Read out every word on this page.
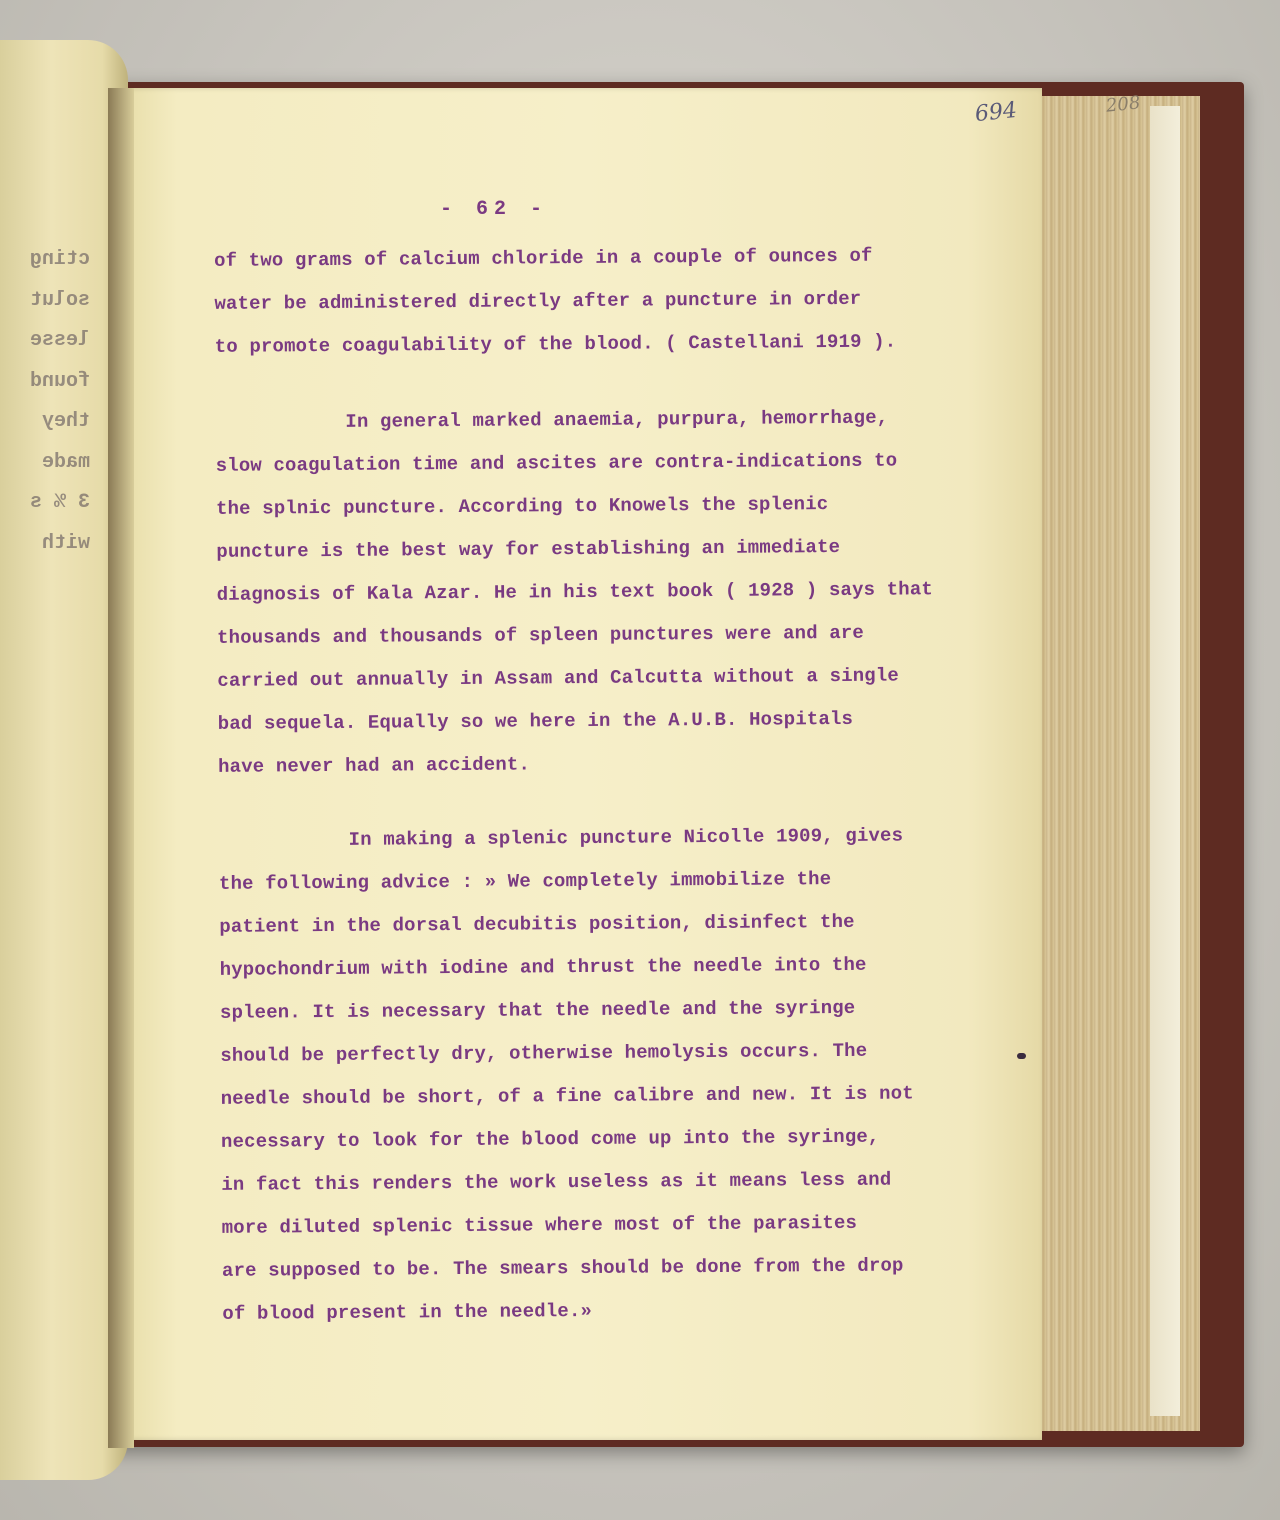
cting
solut
lesse
found
they
made
3 % s
with
694	208
- 62 -
of two grams of calcium chloride in a couple of ounces of
water be administered directly after a puncture in order
to promote coagulability of the blood. ( Castellani 1919 ).
In general marked anaemia, purpura, hemorrhage,
slow coagulation time and ascites are contra-indications to
the splnic puncture. According to Knowels the splenic
puncture is the best way for establishing an immediate
diagnosis of Kala Azar. He in his text book ( 1928 ) says that
thousands and thousands of spleen punctures were and are
carried out annually in Assam and Calcutta without a single
bad sequela. Equally so we here in the A.U.B. Hospitals
have never had an accident.
In making a splenic puncture Nicolle 1909, gives
the following advice : » We completely immobilize the
patient in the dorsal decubitis position, disinfect the
hypochondrium with iodine and thrust the needle into the
spleen. It is necessary that the needle and the syringe
should be perfectly dry, otherwise hemolysis occurs. The
needle should be short, of a fine calibre and new. It is not
necessary to look for the blood come up into the syringe,
in fact this renders the work useless as it means less and
more diluted splenic tissue where most of the parasites
are supposed to be. The smears should be done from the drop
of blood present in the needle.»
